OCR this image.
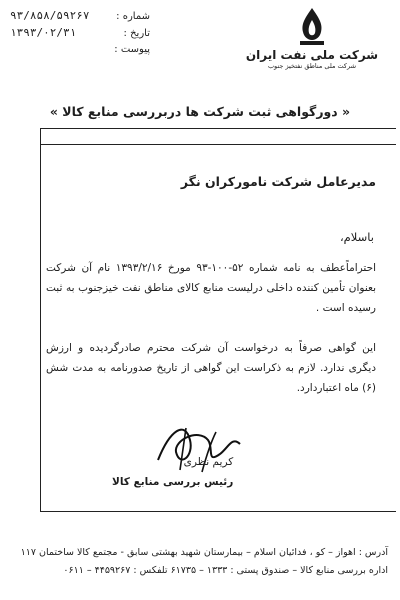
شماره :
۹۳/۸۵۸/۵۹۲۶۷
تاریخ :
۱۳۹۳/۰۲/۳۱
پیوست :	شرکت ملی نفت ایران
شرکت ملی مناطق نفتخیز جنوب
« دورگواهی ثبت شرکت ها دربررسی منابع کالا »
مدیرعامل شرکت نامورکران نگر
باسلام،
احتراماًعطف به نامه شماره ۵۲-۱۰۰-۹۳ مورخ ۱۳۹۳/۲/۱۶ نام آن شرکت بعنوان تأمین کننده داخلی درلیست منابع کالای مناطق نفت خیزجنوب به ثبت رسیده است .
این گواهی صرفاً به درخواست آن شرکت محترم صادرگردیده و ارزش دیگری ندارد. لازم به ذکراست این گواهی از تاریخ صدورنامه به مدت شش (۶) ماه اعتباردارد.
کریم نظری
رئیس بررسی منابع کالا
آدرس : اهواز – کو ، فدائیان اسلام – بیمارستان شهید بهشتی سابق - مجتمع کالا ساختمان ۱۱۷
اداره بررسی منابع کالا – صندوق پستی : ۱۳۳۳ – ۶۱۷۳۵ تلفکس : ۴۴۵۹۲۶۷ – ۰۶۱۱
